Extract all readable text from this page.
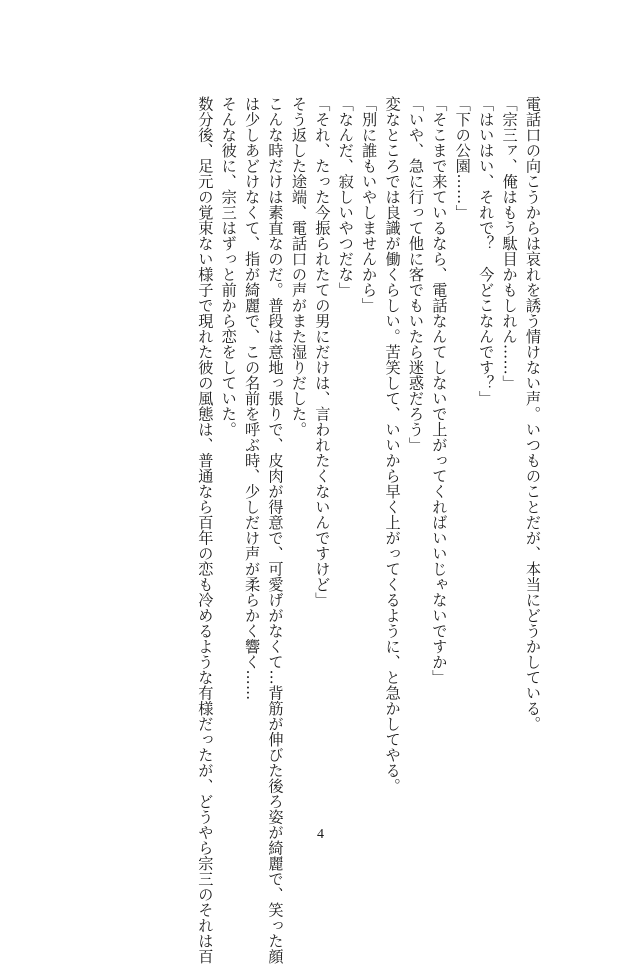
電話口の向こうからは哀れを誘う情けない声。いつものことだが、本当にどうかしている。

「宗三ァ、俺はもう駄目かもしれん……」

「はいはい、それで？　今どこなんです？」

「下の公園……」

「そこまで来ているなら、電話なんてしないで上がってくればいいじゃないですか」

「いや、急に行って他に客でもいたら迷惑だろう」

変なところでは良識が働くらしい。苦笑して、いいから早く上がってくるように、と急かしてやる。

「別に誰もいやしませんから」

「なんだ、寂しいやつだな」

「それ、たった今振られたての男にだけは、言われたくないんですけど」

そう返した途端、電話口の声がまた湿りだした。

こんな時だけは素直なのだ。普段は意地っ張りで、皮肉が得意で、可愛げがなくて…背筋が伸びた後ろ姿が綺麗で、笑った顔

は少しあどけなくて、指が綺麗で、この名前を呼ぶ時、少しだけ声が柔らかく響く……

そんな彼に、宗三はずっと前から恋をしていた。

数分後、足元の覚束ない様子で現れた彼の風態は、普通なら百年の恋も冷めるような有様だったが、どうやら宗三のそれは百	4
